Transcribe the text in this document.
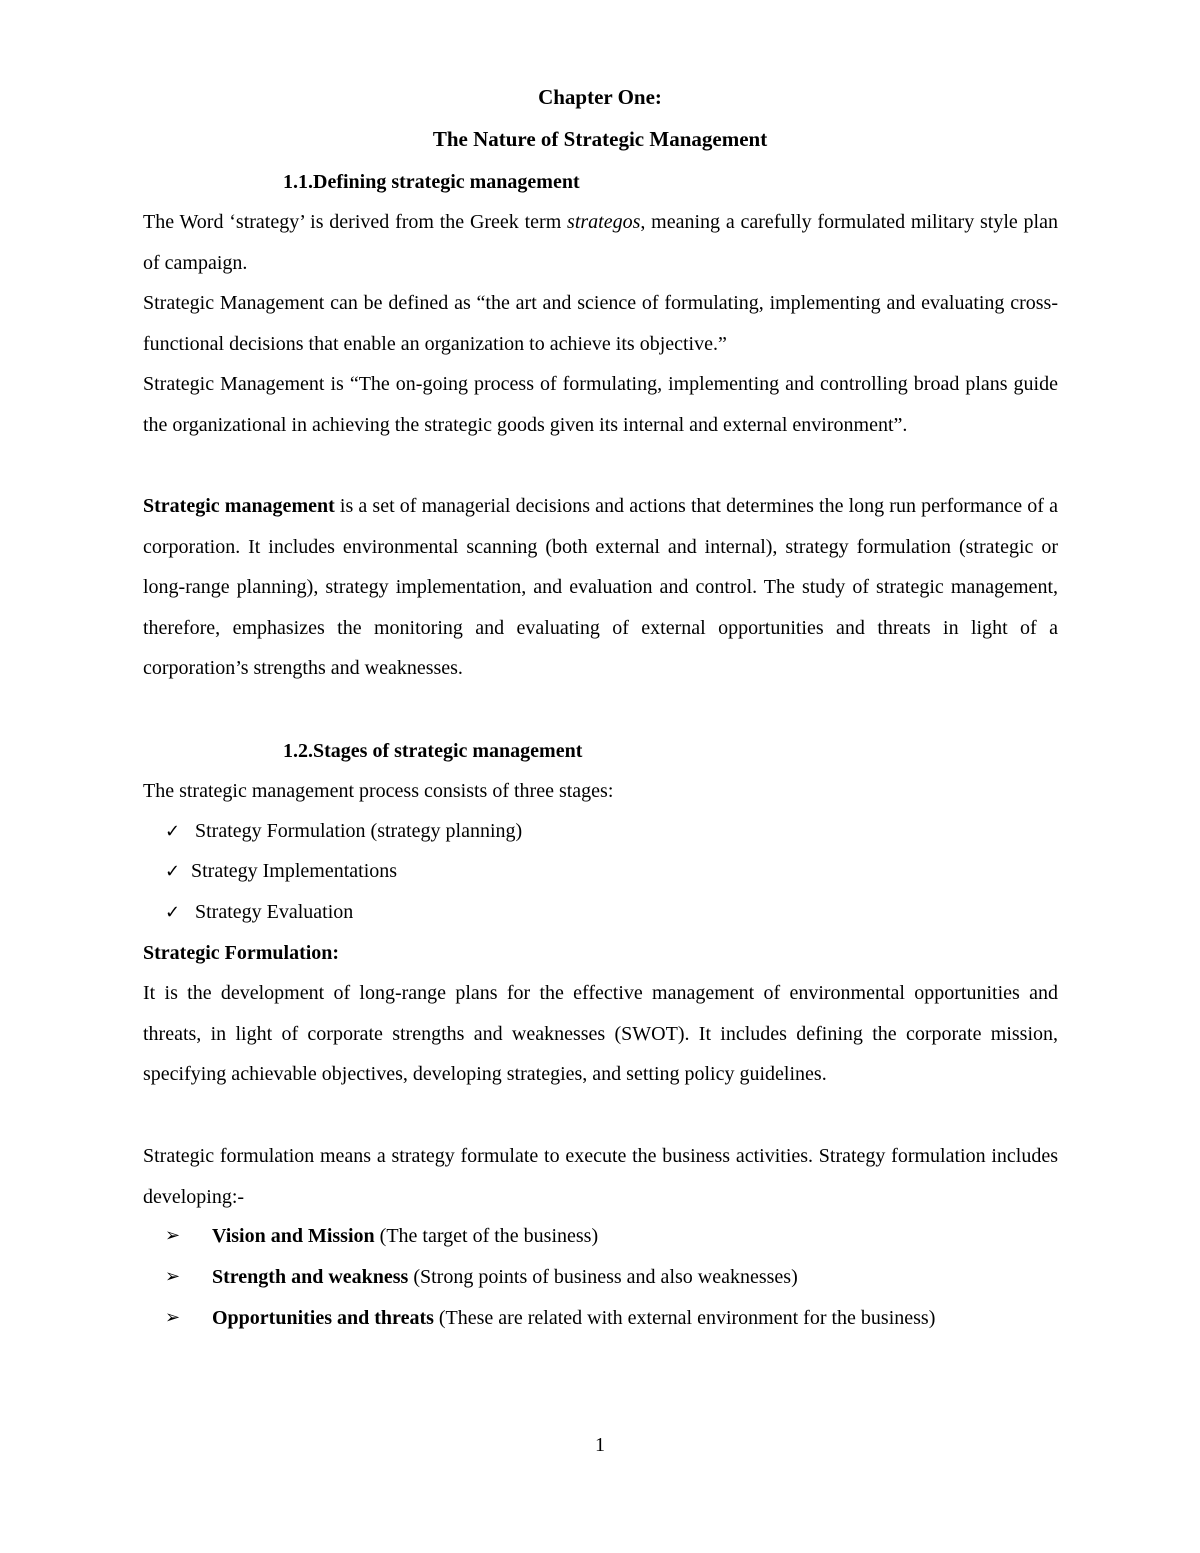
Chapter One:

The Nature of Strategic Management

1.1.Defining strategic management

The Word ‘strategy’ is derived from the Greek term strategos, meaning a carefully formulated military style plan of campaign.

Strategic Management can be defined as “the art and science of formulating, implementing and evaluating cross-functional decisions that enable an organization to achieve its objective.”

Strategic Management is “The on-going process of formulating, implementing and controlling broad plans guide the organizational in achieving the strategic goods given its internal and external environment”.

Strategic management is a set of managerial decisions and actions that determines the long run performance of a corporation. It includes environmental scanning (both external and internal), strategy formulation (strategic or long-range planning), strategy implementation, and evaluation and control. The study of strategic management, therefore, emphasizes the monitoring and evaluating of external opportunities and threats in light of a corporation’s strengths and weaknesses.

1.2.Stages of strategic management

The strategic management process consists of three stages:

✓ Strategy Formulation (strategy planning)

✓ Strategy Implementations

✓ Strategy Evaluation

Strategic Formulation:

It is the development of long-range plans for the effective management of environmental opportunities and threats, in light of corporate strengths and weaknesses (SWOT). It includes defining the corporate mission, specifying achievable objectives, developing strategies, and setting policy guidelines.

Strategic formulation means a strategy formulate to execute the business activities. Strategy formulation includes developing:-

➢	Vision and Mission (The target of the business)
➢	Strength and weakness (Strong points of business and also weaknesses)
➢	Opportunities and threats (These are related with external environment for the business)

1
